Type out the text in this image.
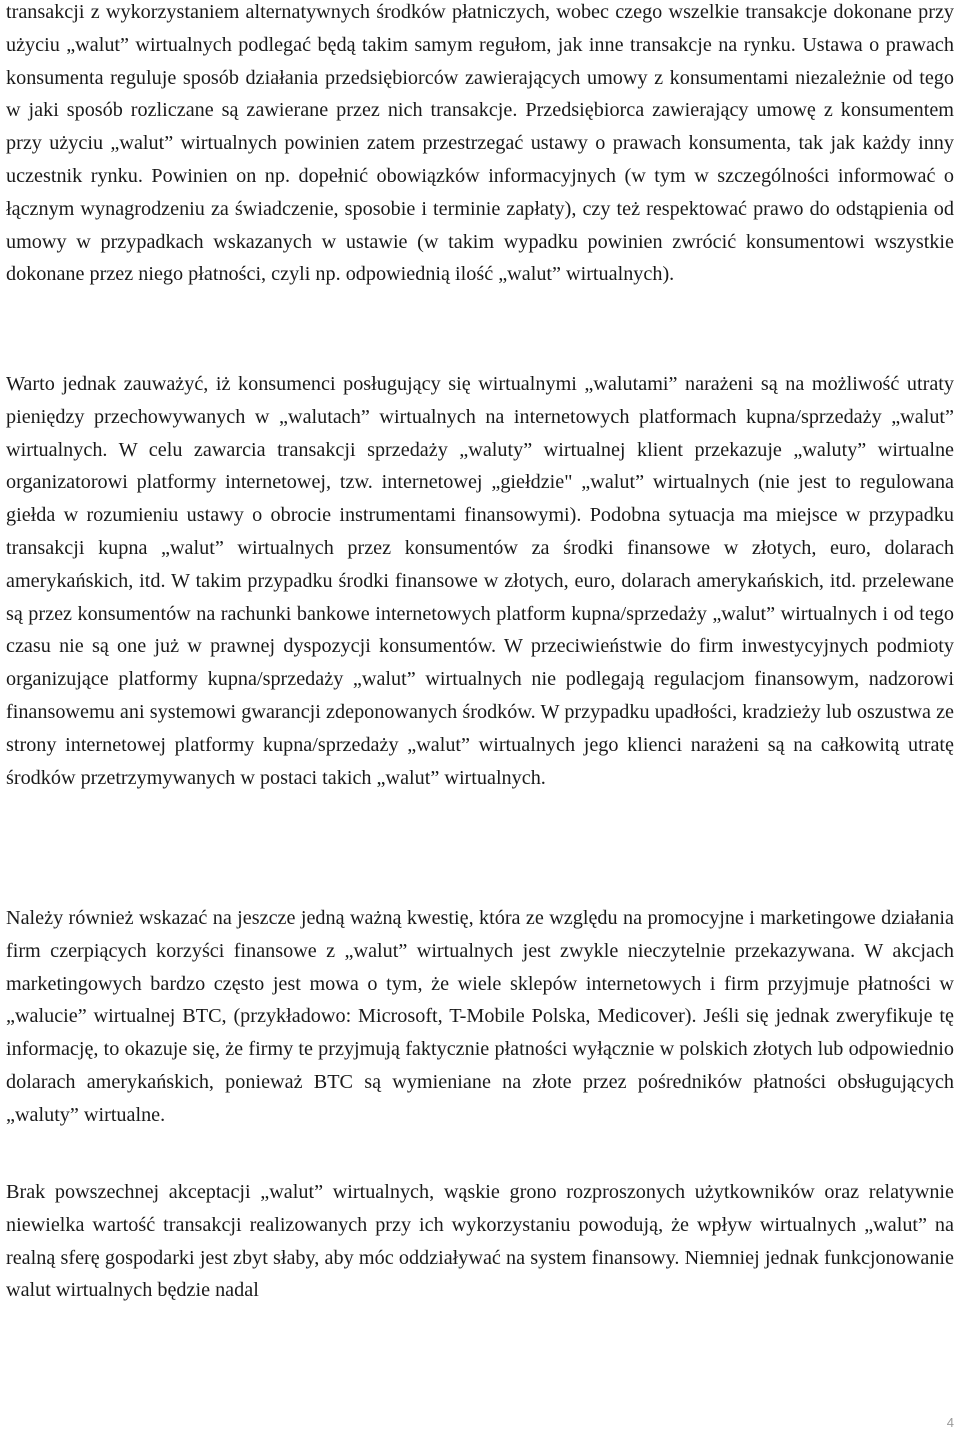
transakcji z wykorzystaniem alternatywnych środków płatniczych, wobec czego wszelkie transakcje dokonane przy użyciu „walut” wirtualnych podlegać będą takim samym regułom, jak inne transakcje na rynku. Ustawa o prawach konsumenta reguluje sposób działania przedsiębiorców zawierających umowy z konsumentami niezależnie od tego w jaki sposób rozliczane są zawierane przez nich transakcje. Przedsiębiorca zawierający umowę z konsumentem przy użyciu „walut” wirtualnych powinien zatem przestrzegać ustawy o prawach konsumenta, tak jak każdy inny uczestnik rynku. Powinien on np. dopełnić obowiązków informacyjnych (w tym w szczególności informować o łącznym wynagrodzeniu za świadczenie, sposobie i terminie zapłaty), czy też respektować prawo do odstąpienia od umowy w przypadkach wskazanych w ustawie (w takim wypadku powinien zwrócić konsumentowi wszystkie dokonane przez niego płatności, czyli np. odpowiednią ilość „walut” wirtualnych).

Warto jednak zauważyć, iż konsumenci posługujący się wirtualnymi „walutami” narażeni są na możliwość utraty pieniędzy przechowywanych w „walutach” wirtualnych na internetowych platformach kupna/sprzedaży „walut” wirtualnych. W celu zawarcia transakcji sprzedaży „waluty” wirtualnej klient przekazuje „waluty” wirtualne organizatorowi platformy internetowej, tzw. internetowej „giełdzie" „walut” wirtualnych (nie jest to regulowana giełda w rozumieniu ustawy o obrocie instrumentami finansowymi). Podobna sytuacja ma miejsce w przypadku transakcji kupna „walut” wirtualnych przez konsumentów za środki finansowe w złotych, euro, dolarach amerykańskich, itd. W takim przypadku środki finansowe w złotych, euro, dolarach amerykańskich, itd. przelewane są przez konsumentów na rachunki bankowe internetowych platform kupna/sprzedaży „walut” wirtualnych i od tego czasu nie są one już w prawnej dyspozycji konsumentów. W przeciwieństwie do firm inwestycyjnych podmioty organizujące platformy kupna/sprzedaży „walut” wirtualnych nie podlegają regulacjom finansowym, nadzorowi finansowemu ani systemowi gwarancji zdeponowanych środków. W przypadku upadłości, kradzieży lub oszustwa ze strony internetowej platformy kupna/sprzedaży „walut” wirtualnych jego klienci narażeni są na całkowitą utratę środków przetrzymywanych w postaci takich „walut” wirtualnych.

Należy również wskazać na jeszcze jedną ważną kwestię, która ze względu na promocyjne i marketingowe działania firm czerpiących korzyści finansowe z „walut” wirtualnych jest zwykle nieczytelnie przekazywana. W akcjach marketingowych bardzo często jest mowa o tym, że wiele sklepów internetowych i firm przyjmuje płatności w „walucie” wirtualnej BTC, (przykładowo: Microsoft, T-Mobile Polska, Medicover). Jeśli się jednak zweryfikuje tę informację, to okazuje się, że firmy te przyjmują faktycznie płatności wyłącznie w polskich złotych lub odpowiednio dolarach amerykańskich, ponieważ BTC są wymieniane na złote przez pośredników płatności obsługujących „waluty” wirtualne.

Brak powszechnej akceptacji „walut” wirtualnych, wąskie grono rozproszonych użytkowników oraz relatywnie niewielka wartość transakcji realizowanych przy ich wykorzystaniu powodują, że wpływ wirtualnych „walut” na realną sferę gospodarki jest zbyt słaby, aby móc oddziaływać na system finansowy. Niemniej jednak funkcjonowanie walut wirtualnych będzie nadal

4
